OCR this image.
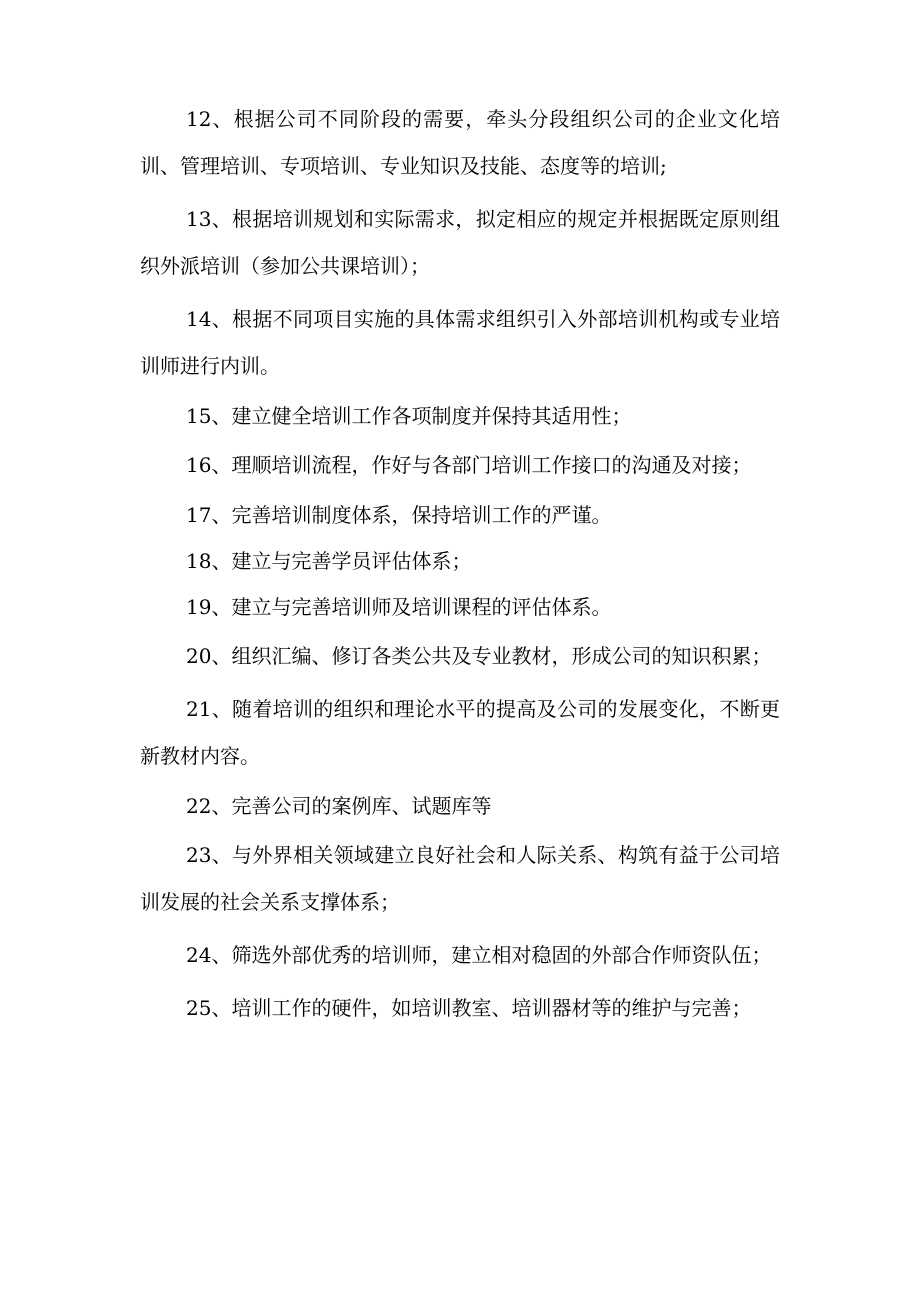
12、根据公司不同阶段的需要，牵头分段组织公司的企业文化培训、管理培训、专项培训、专业知识及技能、态度等的培训;

13、根据培训规划和实际需求，拟定相应的规定并根据既定原则组织外派培训（参加公共课培训）；

14、根据不同项目实施的具体需求组织引入外部培训机构或专业培训师进行内训。

15、建立健全培训工作各项制度并保持其适用性；

16、理顺培训流程，作好与各部门培训工作接口的沟通及对接；

17、完善培训制度体系，保持培训工作的严谨。

18、建立与完善学员评估体系；

19、建立与完善培训师及培训课程的评估体系。

20、组织汇编、修订各类公共及专业教材，形成公司的知识积累；

21、随着培训的组织和理论水平的提高及公司的发展变化，不断更新教材内容。

22、完善公司的案例库、试题库等

23、与外界相关领域建立良好社会和人际关系、构筑有益于公司培训发展的社会关系支撑体系；

24、筛选外部优秀的培训师，建立相对稳固的外部合作师资队伍；

25、培训工作的硬件，如培训教室、培训器材等的维护与完善；
